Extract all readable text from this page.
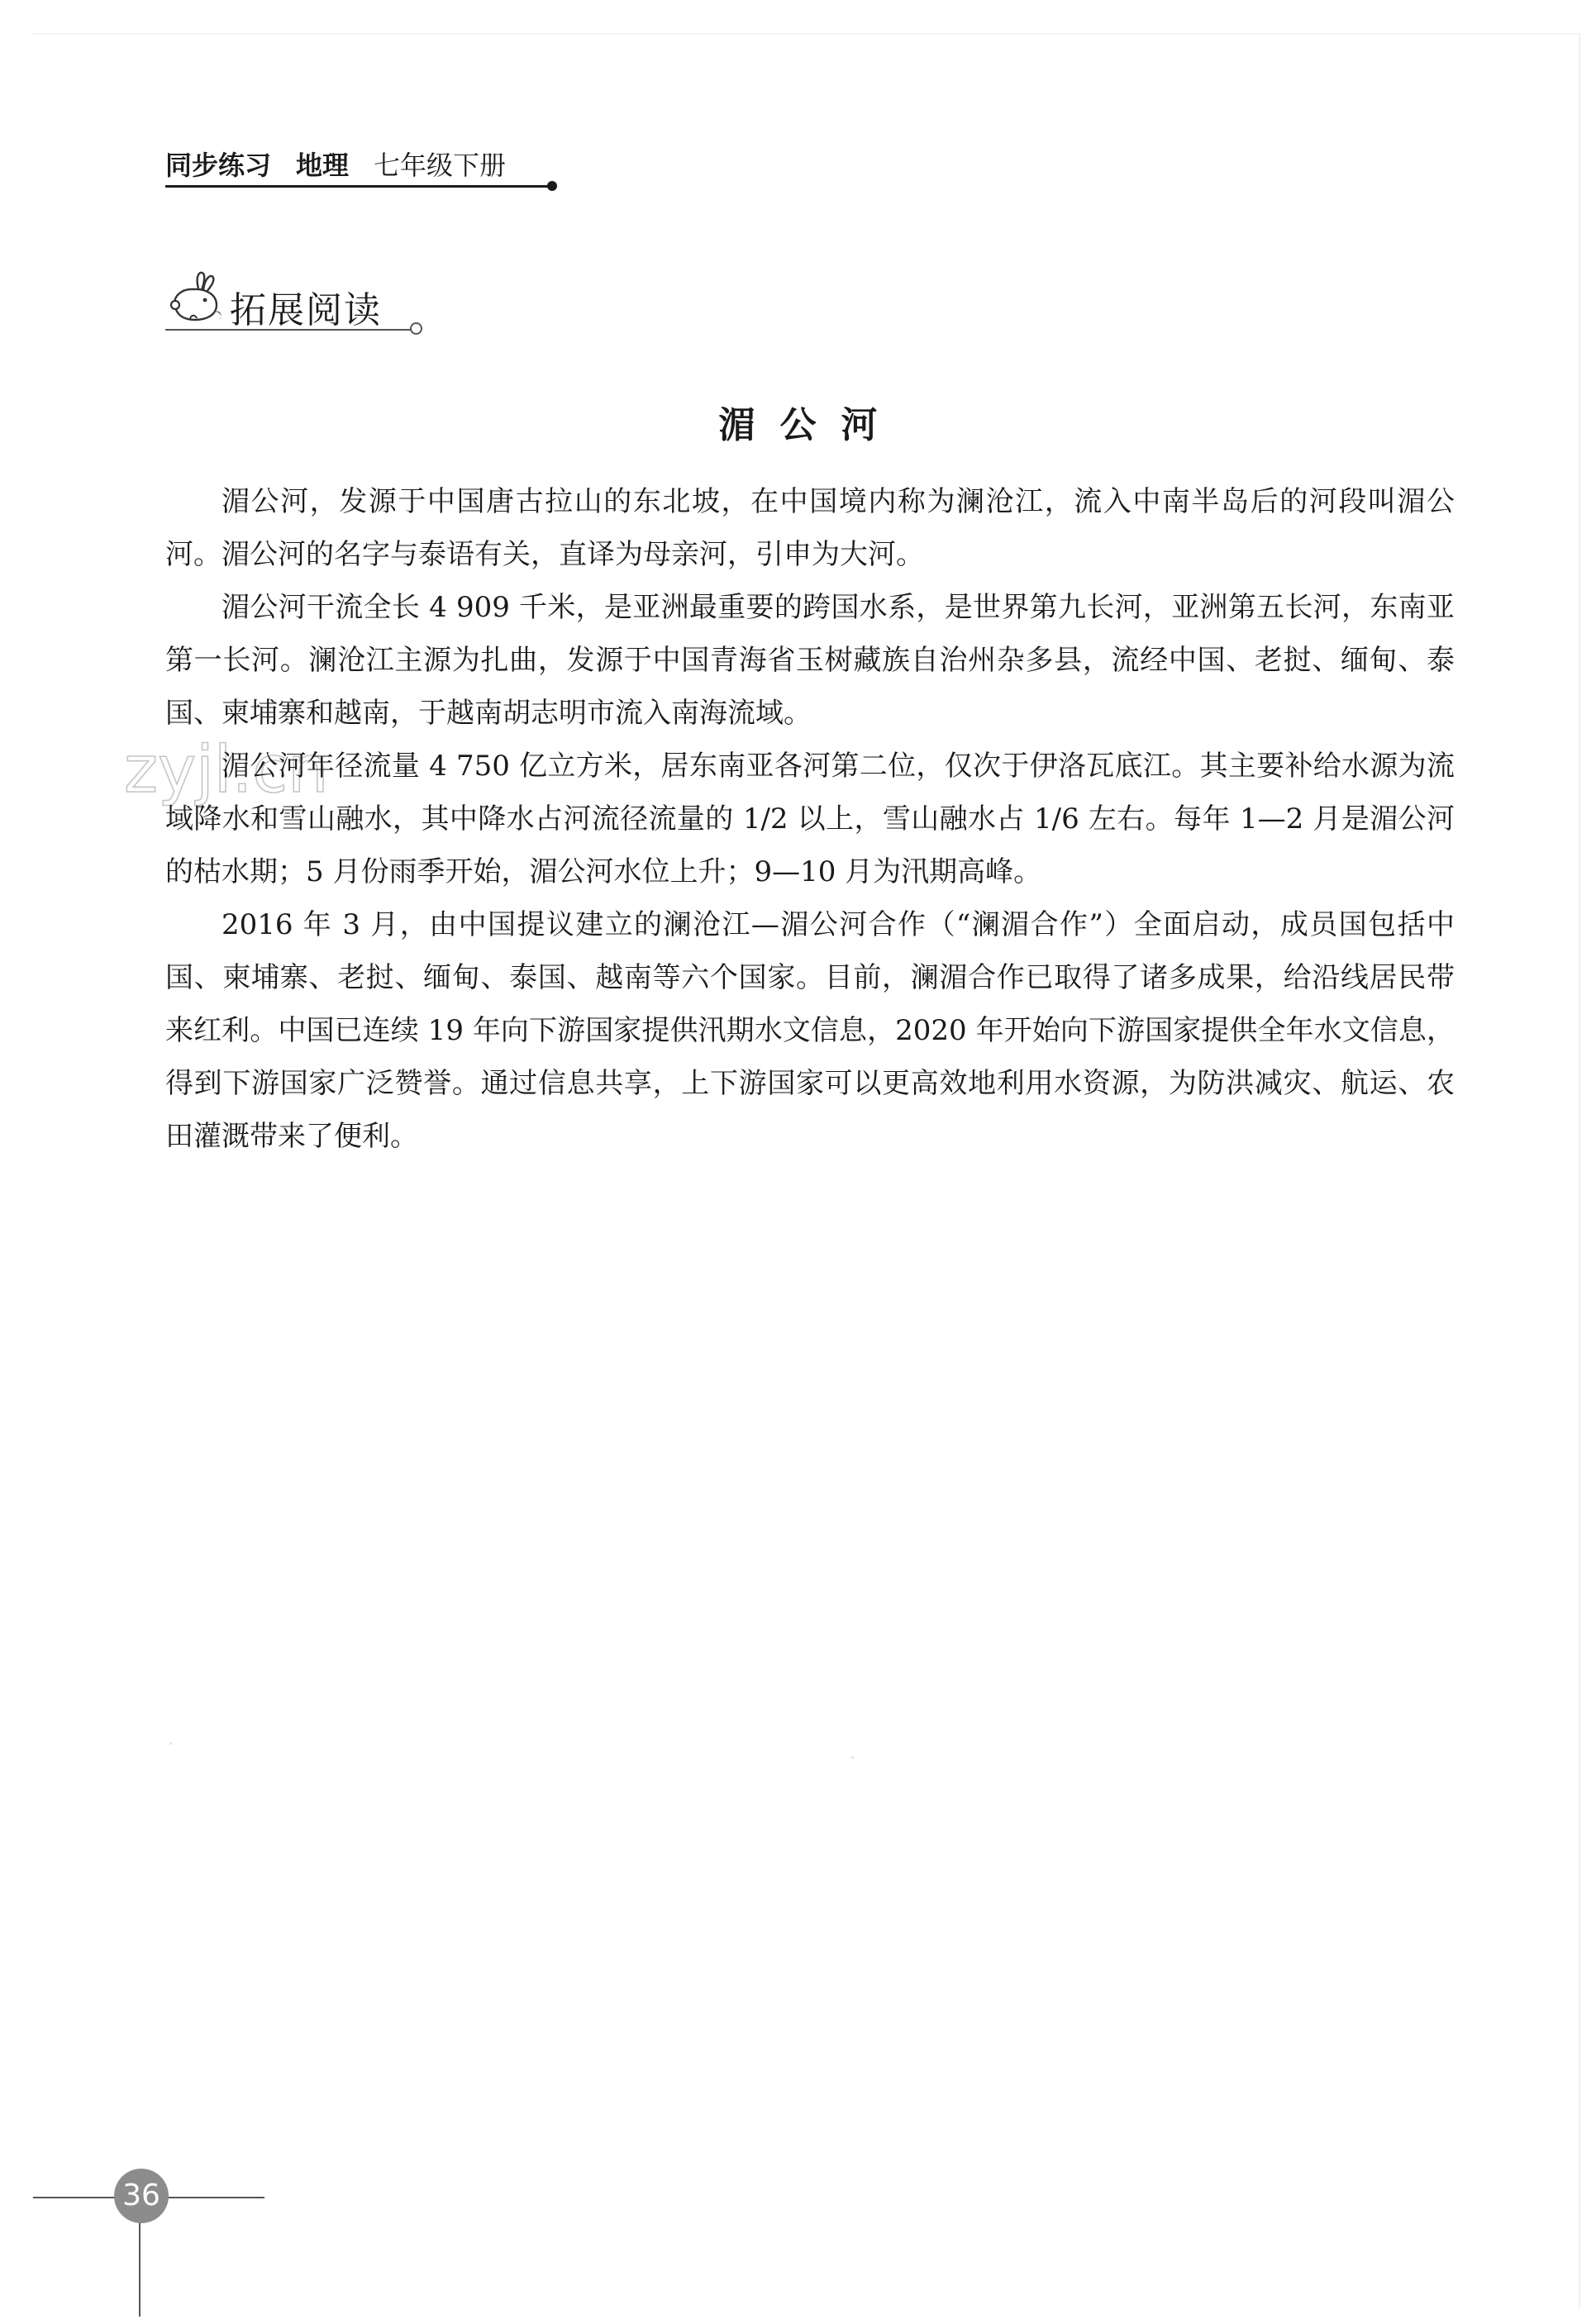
同步练习 地理 七年级下册
拓展阅读
zyjl.cn
湄公河

湄公河，发源于中国唐古拉山的东北坡，在中国境内称为澜沧江，流入中南半岛后的河段叫湄公河。湄公河的名字与泰语有关，直译为母亲河，引申为大河。

湄公河干流全长 4 909 千米，是亚洲最重要的跨国水系，是世界第九长河，亚洲第五长河，东南亚第一长河。澜沧江主源为扎曲，发源于中国青海省玉树藏族自治州杂多县，流经中国、老挝、缅甸、泰国、柬埔寨和越南，于越南胡志明市流入南海流域。

湄公河年径流量 4 750 亿立方米，居东南亚各河第二位，仅次于伊洛瓦底江。其主要补给水源为流域降水和雪山融水，其中降水占河流径流量的 1/2 以上，雪山融水占 1/6 左右。每年 1—2 月是湄公河的枯水期；5 月份雨季开始，湄公河水位上升；9—10 月为汛期高峰。

2016 年 3 月，由中国提议建立的澜沧江—湄公河合作（“澜湄合作”）全面启动，成员国包括中国、柬埔寨、老挝、缅甸、泰国、越南等六个国家。目前，澜湄合作已取得了诸多成果，给沿线居民带来红利。中国已连续 19 年向下游国家提供汛期水文信息，2020 年开始向下游国家提供全年水文信息，得到下游国家广泛赞誉。通过信息共享，上下游国家可以更高效地利用水资源，为防洪减灾、航运、农田灌溉带来了便利。

36
